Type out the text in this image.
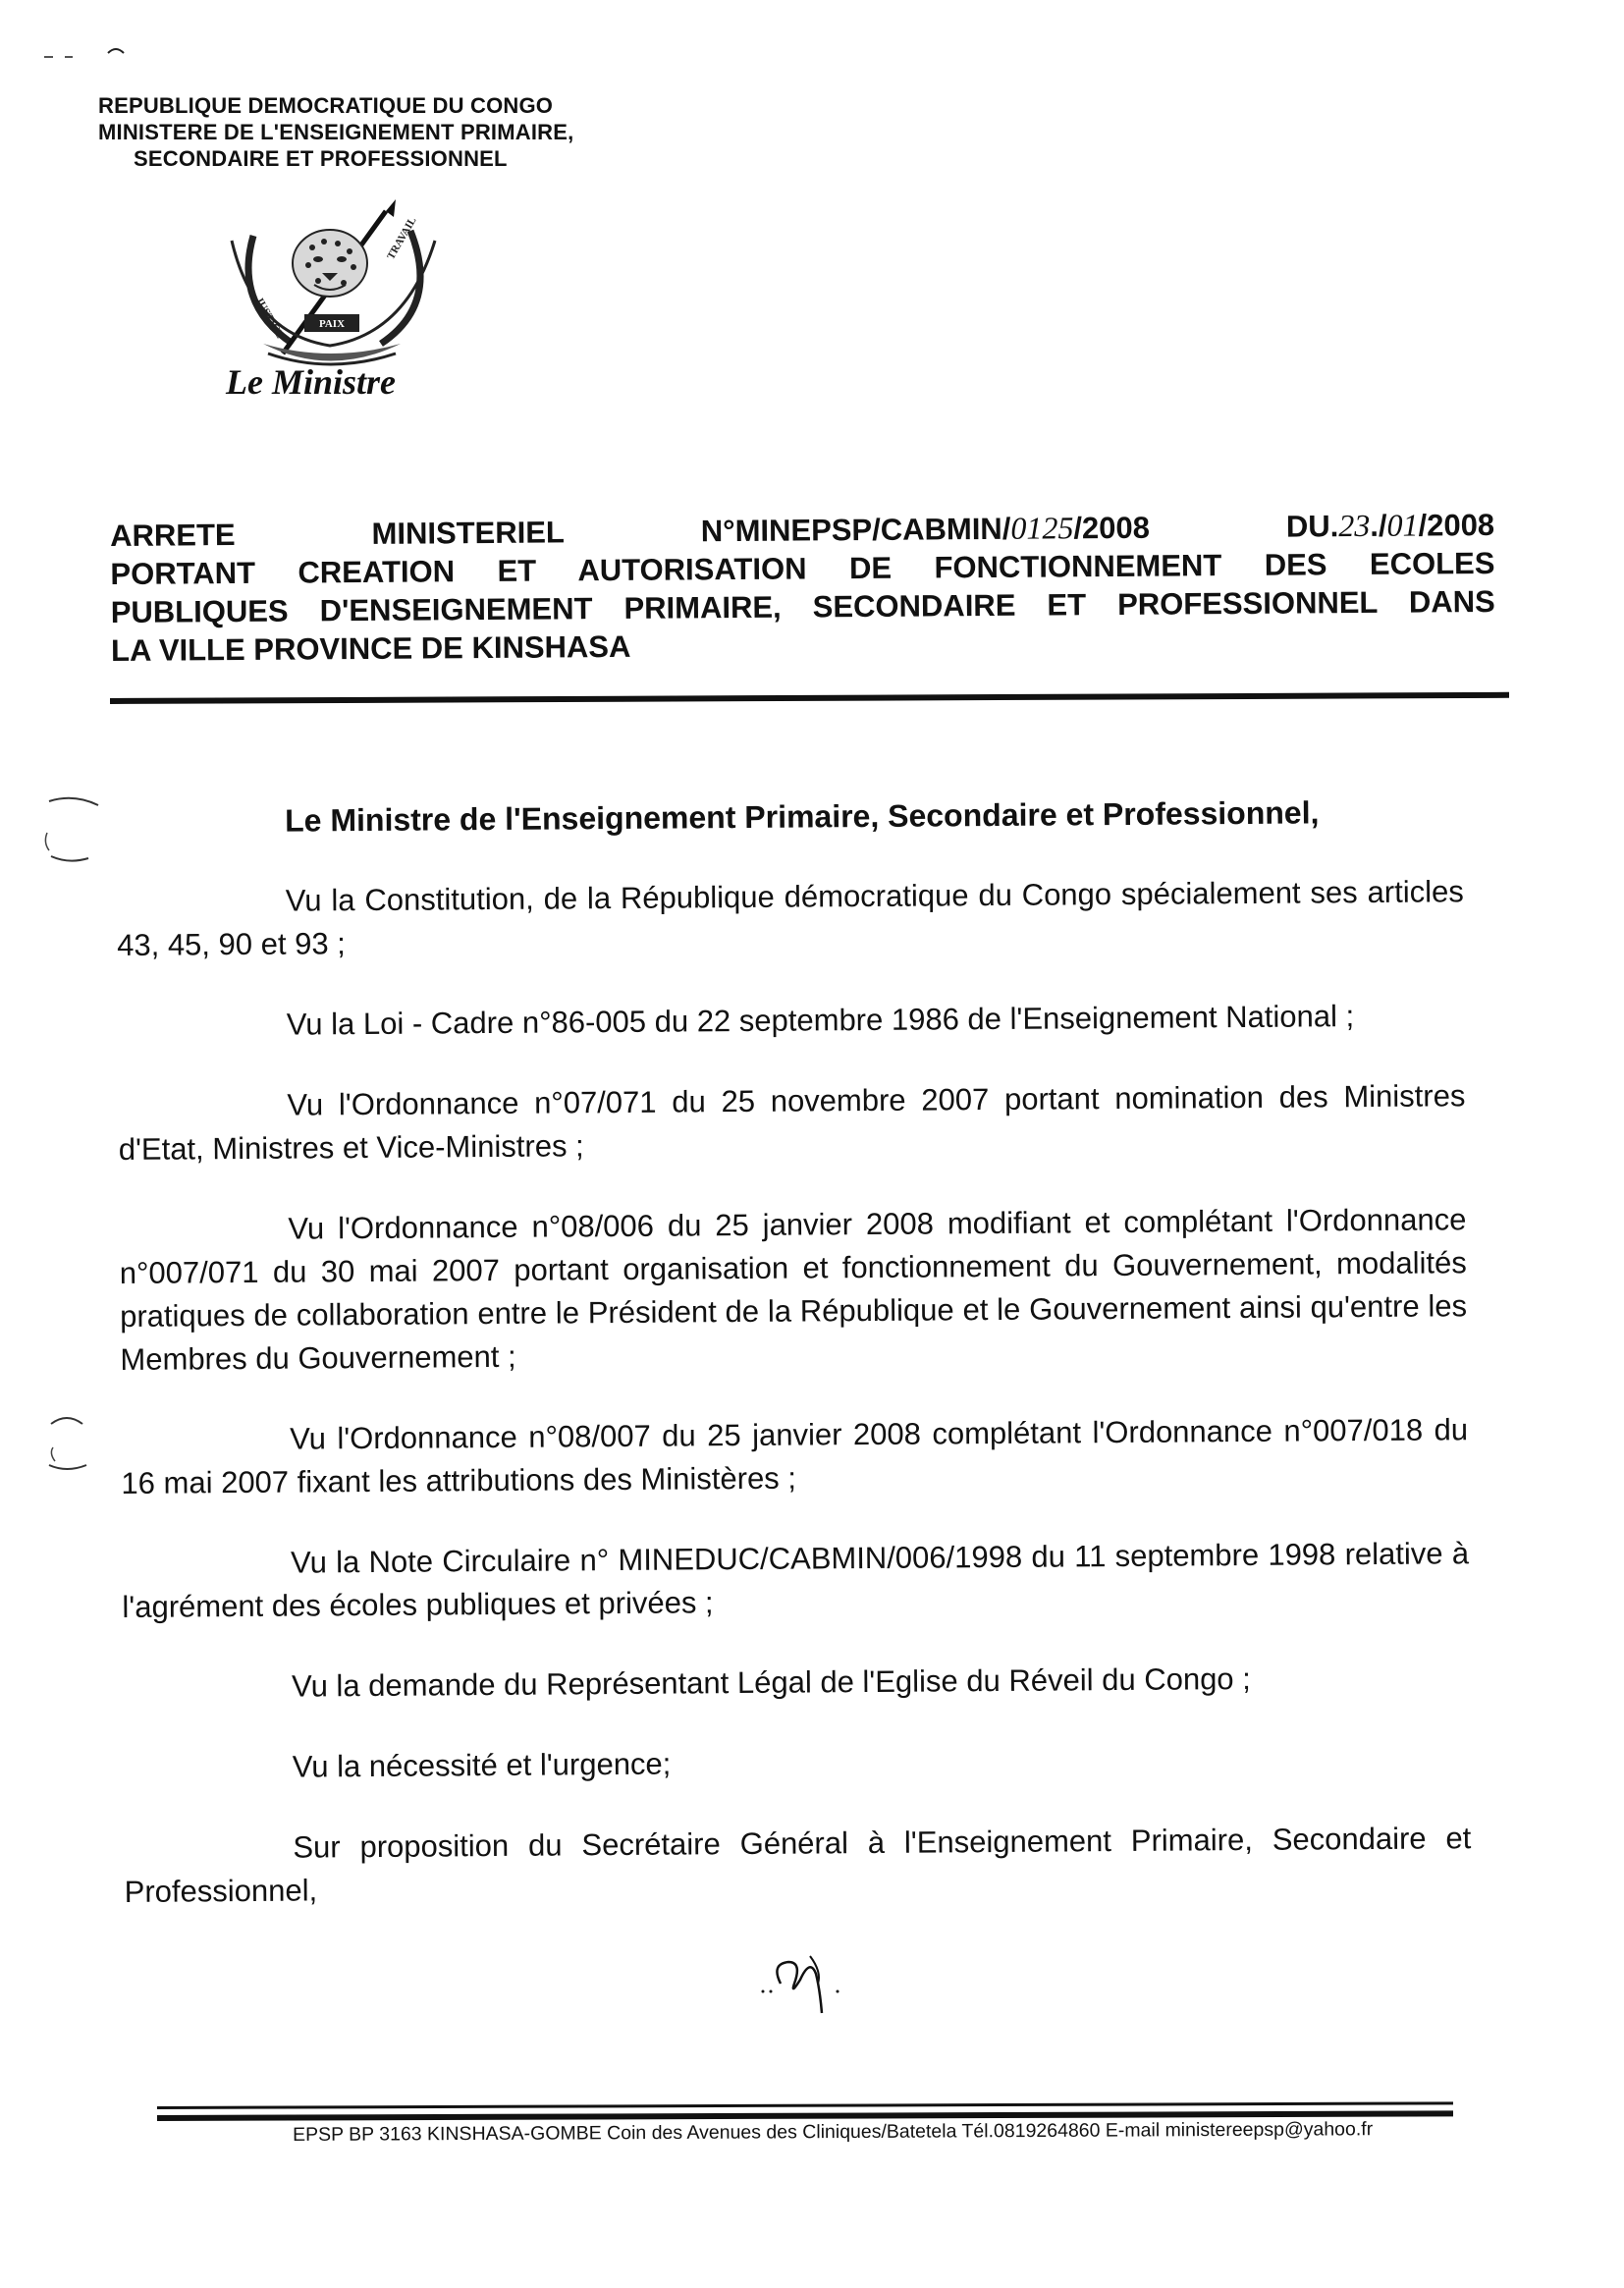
REPUBLIQUE DEMOCRATIQUE DU CONGO
MINISTERE DE L'ENSEIGNEMENT PRIMAIRE,
SECONDAIRE ET PROFESSIONNEL
JUSTICE
TRAVAIL
PAIX
Le Ministre
ARRETE	MINISTERIEL	N°MINEPSP/CABMIN/0125/2008	DU.23./01/2008
PORTANT CREATION ET AUTORISATION DE FONCTIONNEMENT DES ECOLES
PUBLIQUES D'ENSEIGNEMENT PRIMAIRE, SECONDAIRE ET PROFESSIONNEL DANS
LA VILLE PROVINCE DE KINSHASA

Le Ministre de l'Enseignement Primaire, Secondaire et Professionnel,

Vu la Constitution, de la République démocratique du Congo spécialement ses articles 43, 45, 90 et 93 ;

Vu la Loi - Cadre n°86-005 du 22 septembre 1986 de l'Enseignement National ;

Vu l'Ordonnance n°07/071 du 25 novembre 2007 portant nomination des Ministres d'Etat, Ministres et Vice-Ministres ;

Vu l'Ordonnance n°08/006 du 25 janvier 2008 modifiant et complétant l'Ordonnance n°007/071 du 30 mai 2007 portant organisation et fonctionnement du Gouvernement, modalités pratiques de collaboration entre le Président de la République et le Gouvernement ainsi qu'entre les Membres du Gouvernement ;

Vu l'Ordonnance n°08/007 du 25 janvier 2008 complétant l'Ordonnance n°007/018 du 16 mai 2007 fixant les attributions des Ministères ;

Vu la Note Circulaire n° MINEDUC/CABMIN/006/1998 du 11 septembre 1998 relative à l'agrément des écoles publiques et privées ;

Vu la demande du Représentant Légal de l'Eglise du Réveil du Congo ;

Vu la nécessité et l'urgence;

Sur proposition du Secrétaire Général à l'Enseignement Primaire, Secondaire et Professionnel,

EPSP BP 3163 KINSHASA-GOMBE Coin des Avenues des Cliniques/Batetela Tél.0819264860 E-mail ministereepsp@yahoo.fr
